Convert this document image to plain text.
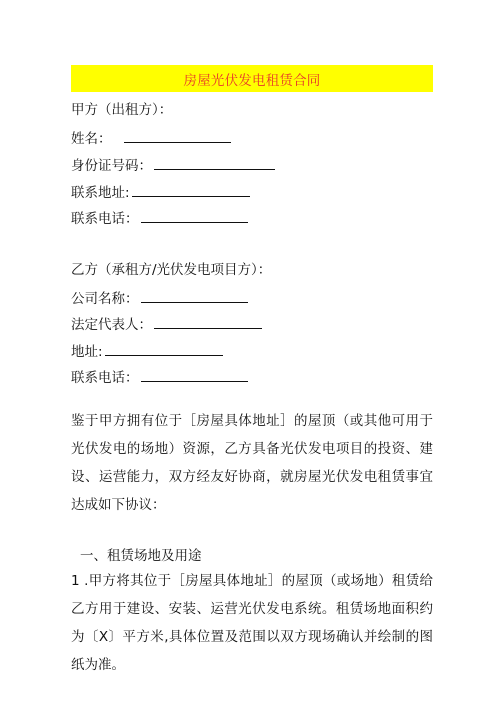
房屋光伏发电租赁合同
甲方（出租方）：
姓名：
身份证号码：
联系地址:
联系电话：
乙方（承租方/光伏发电项目方）：
公司名称：
法定代表人：
地址:
联系电话：
鉴于甲方拥有位于［房屋具体地址］的屋顶（或其他可用于光伏发电的场地）资源，乙方具备光伏发电项目的投资、建设、运营能力，双方经友好协商，就房屋光伏发电租赁事宜达成如下协议：
一、租赁场地及用途
1 .甲方将其位于［房屋具体地址］的屋顶（或场地）租赁给乙方用于建设、安装、运营光伏发电系统。租赁场地面积约为〔X〕平方米,具体位置及范围以双方现场确认并绘制的图纸为准。
